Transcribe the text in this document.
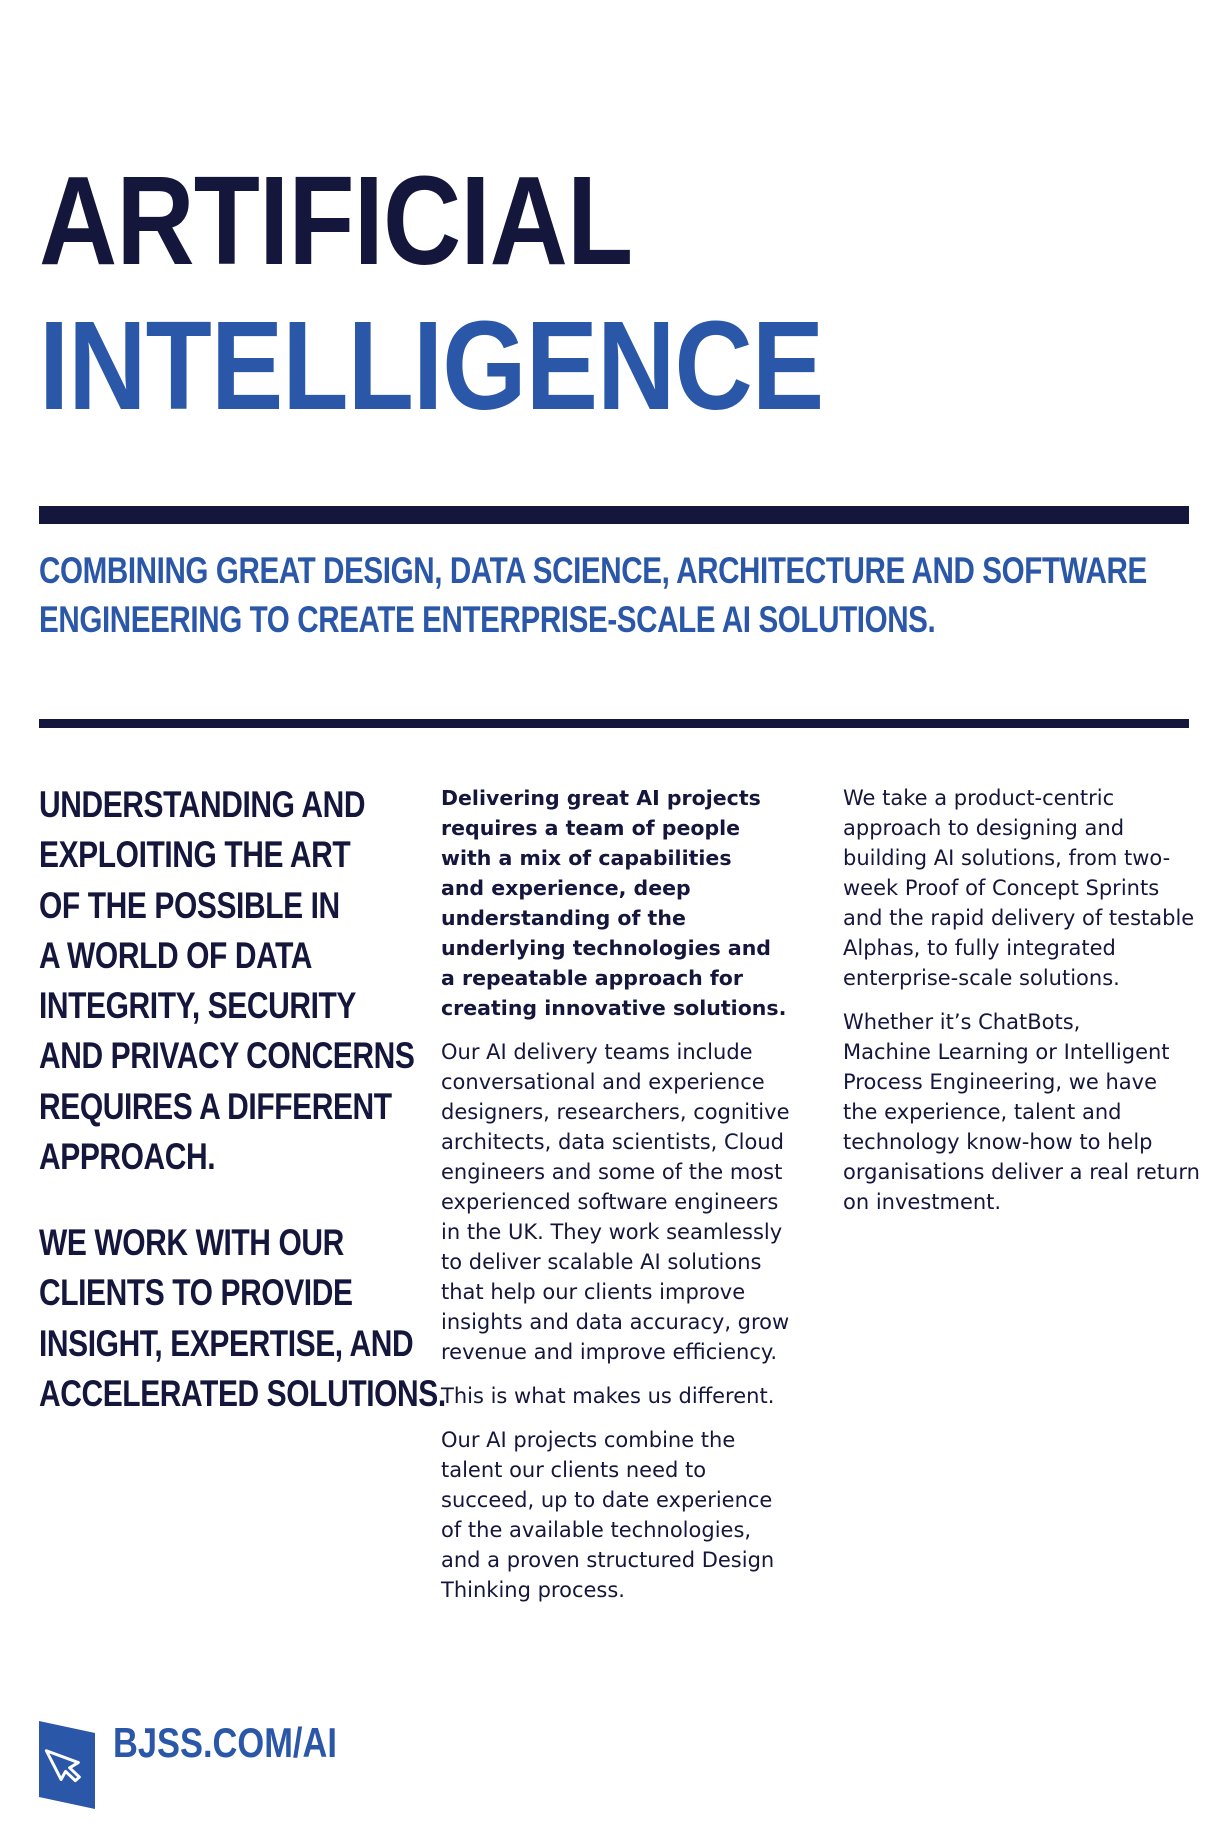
ARTIFICIAL
INTELLIGENCE
COMBINING GREAT DESIGN, DATA SCIENCE, ARCHITECTURE AND SOFTWARE
ENGINEERING TO CREATE ENTERPRISE-SCALE AI SOLUTIONS.
UNDERSTANDING AND
EXPLOITING THE ART
OF THE POSSIBLE IN
A WORLD OF DATA
INTEGRITY, SECURITY
AND PRIVACY CONCERNS
REQUIRES A DIFFERENT
APPROACH.
WE WORK WITH OUR
CLIENTS TO PROVIDE
INSIGHT, EXPERTISE, AND
ACCELERATED SOLUTIONS.

Delivering great AI projects
requires a team of people
with a mix of capabilities
and experience, deep
understanding of the
underlying technologies and
a repeatable approach for
creating innovative solutions.

Our AI delivery teams include
conversational and experience
designers, researchers, cognitive
architects, data scientists, Cloud
engineers and some of the most
experienced software engineers
in the UK. They work seamlessly
to deliver scalable AI solutions
that help our clients improve
insights and data accuracy, grow
revenue and improve efficiency.

This is what makes us different.

Our AI projects combine the
talent our clients need to
succeed, up to date experience
of the available technologies,
and a proven structured Design
Thinking process.

We take a product-centric
approach to designing and
building AI solutions, from two-
week Proof of Concept Sprints
and the rapid delivery of testable
Alphas, to fully integrated
enterprise-scale solutions.

Whether it’s ChatBots,
Machine Learning or Intelligent
Process Engineering, we have
the experience, talent and
technology know-how to help
organisations deliver a real return
on investment.

BJSS.COM/AI
